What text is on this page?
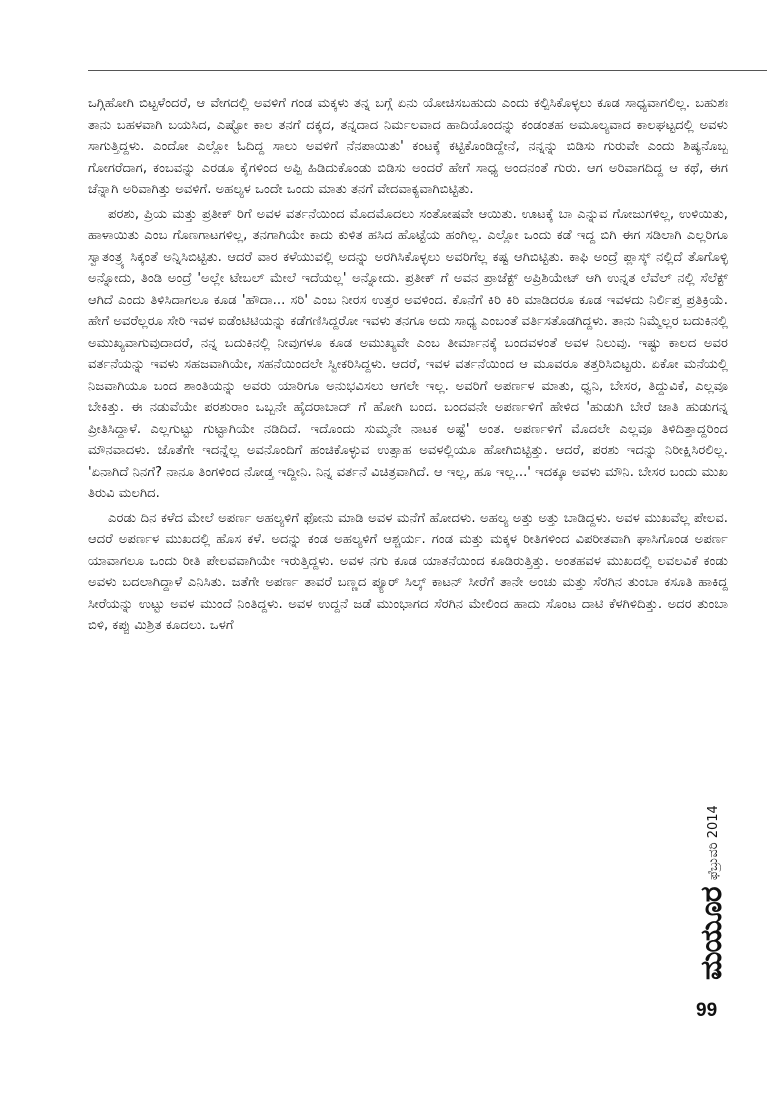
ಒಗ್ಗಿಹೋಗಿ ಬಿಟ್ಟಳೆಂದರೆ, ಆ ವೇಗದಲ್ಲಿ ಅವಳಿಗೆ ಗಂಡ ಮಕ್ಕಳು ತನ್ನ ಬಗ್ಗೆ ಏನು ಯೋಚಿಸಬಹುದು ಎಂದು ಕಲ್ಪಿಸಿಕೊಳ್ಳಲು ಕೂಡ ಸಾಧ್ಯವಾಗಲಿಲ್ಲ. ಬಹುಶಃ ತಾನು ಬಹಳವಾಗಿ ಬಯಸಿದ, ಎಷ್ಟೋ ಕಾಲ ತನಗೆ ದಕ್ಕದ, ತನ್ನದಾದ ನಿರ್ಮಲವಾದ ಹಾದಿಯೊಂದನ್ನು ಕಂಡಂತಹ ಅಮೂಲ್ಯವಾದ ಕಾಲಘಟ್ಟದಲ್ಲಿ ಅವಳು ಸಾಗುತ್ತಿದ್ದಳು. ಎಂದೋ ಎಲ್ಲೋ ಓದಿದ್ದ ಸಾಲು ಅವಳಿಗೆ ನೆನಪಾಯಿತು' ಕಂಟಕ್ಕೆ ಕಟ್ಟಿಕೊಂಡಿದ್ದೇನೆ, ನನ್ನನ್ನು ಬಿಡಿಸು ಗುರುವೇ ಎಂದು ಶಿಷ್ಯನೊಬ್ಬ ಗೋಗರೆದಾಗ, ಕಂಬವನ್ನು ಎರಡೂ ಕೈಗಳಿಂದ ಅಪ್ಪಿ ಹಿಡಿದುಕೊಂಡು ಬಿಡಿಸು ಅಂದರೆ ಹೇಗೆ ಸಾಧ್ಯ ಅಂದನಂತೆ ಗುರು. ಆಗ ಅರಿವಾಗದಿದ್ದ ಆ ಕಥೆ, ಈಗ ಚೆನ್ನಾಗಿ ಅರಿವಾಗಿತ್ತು ಅವಳಿಗೆ. ಅಹಲ್ಯಳ ಒಂದೇ ಒಂದು ಮಾತು ತನಗೆ ವೇದವಾಕ್ಯವಾಗಿಬಿಟ್ಟಿತು.

ಪರಶು, ಪ್ರಿಯ ಮತ್ತು ಪ್ರತೀಕ್ ರಿಗೆ ಅವಳ ವರ್ತನೆಯಿಂದ ಮೊದಮೊದಲು ಸಂತೋಷವೇ ಆಯಿತು. ಊಟಕ್ಕೆ ಬಾ ಎನ್ನುವ ಗೋಜುಗಳಿಲ್ಲ, ಉಳಿಯಿತು, ಹಾಳಾಯಿತು ಎಂಬ ಗೊಣಗಾಟಗಳಿಲ್ಲ, ತನಗಾಗಿಯೇ ಕಾದು ಕುಳಿತ ಹಸಿದ ಹೊಟ್ಟೆಯ ಹಂಗಿಲ್ಲ. ಎಲ್ಲೋ ಒಂದು ಕಡೆ ಇದ್ದ ಬಿಗಿ ಈಗ ಸಡಿಲಾಗಿ ಎಲ್ಲರಿಗೂ ಸ್ವಾತಂತ್ರ್ಯ ಸಿಕ್ಕಂತೆ ಅನ್ನಿಸಿಬಿಟ್ಟಿತು. ಆದರೆ ವಾರ ಕಳೆಯುವಲ್ಲಿ ಅದನ್ನು ಅರಗಿಸಿಕೊಳ್ಳಲು ಅವರಿಗೆಲ್ಲ ಕಷ್ಟ ಆಗಿಬಿಟ್ಟಿತು. ಕಾಫಿ ಅಂದ್ರೆ ಪ್ಲಾಸ್ಕ್ ನಲ್ಲಿದೆ ತೊಗೊಳ್ಳಿ ಅನ್ನೋದು, ತಿಂಡಿ ಅಂದ್ರೆ 'ಅಲ್ಲೇ ಟೇಬಲ್ ಮೇಲೆ ಇದೆಯಲ್ಲ' ಅನ್ನೋದು. ಪ್ರತೀಕ್ ಗೆ ಅವನ ಪ್ರಾಜೆಕ್ಟ್ ಅಪ್ರಿಶಿಯೇಟ್ ಆಗಿ ಉನ್ನತ ಲೆವೆಲ್ ನಲ್ಲಿ ಸೆಲೆಕ್ಟ್ ಆಗಿದೆ ಎಂದು ತಿಳಿಸಿದಾಗಲೂ ಕೂಡ 'ಹೌದಾ... ಸರಿ' ಎಂಬ ನೀರಸ ಉತ್ತರ ಅವಳಿಂದ. ಕೊನೆಗೆ ಕಿರಿ ಕಿರಿ ಮಾಡಿದರೂ ಕೂಡ ಇವಳದು ನಿರ್ಲಿಪ್ತ ಪ್ರತಿಕ್ರಿಯೆ. ಹೇಗೆ ಅವರೆಲ್ಲರೂ ಸೇರಿ ಇವಳ ಐಡೆಂಟಿಟಿಯನ್ನು ಕಡೆಗಣಿಸಿದ್ದರೋ ಇವಳು ತನಗೂ ಅದು ಸಾಧ್ಯ ಎಂಬಂತೆ ವರ್ತಿಸತೊಡಗಿದ್ದಳು. ತಾನು ನಿಮ್ಮೆಲ್ಲರ ಬದುಕಿನಲ್ಲಿ ಅಮುಖ್ಯವಾಗುವುದಾದರೆ, ನನ್ನ ಬದುಕಿನಲ್ಲಿ ನೀವುಗಳೂ ಕೂಡ ಅಮುಖ್ಯವೇ ಎಂಬ ತೀರ್ಮಾನಕ್ಕೆ ಬಂದವಳಂತೆ ಅವಳ ನಿಲುವು. ಇಷ್ಟು ಕಾಲದ ಅವರ ವರ್ತನೆಯನ್ನು ಇವಳು ಸಹಜವಾಗಿಯೇ, ಸಹನೆಯಿಂದಲೇ ಸ್ವೀಕರಿಸಿದ್ದಳು. ಆದರೆ, ಇವಳ ವರ್ತನೆಯಿಂದ ಆ ಮೂವರೂ ತತ್ತರಿಸಿಬಿಟ್ಟರು. ಏಕೋ ಮನೆಯಲ್ಲಿ ನಿಜವಾಗಿಯೂ ಬಂದ ಶಾಂತಿಯನ್ನು ಅವರು ಯಾರಿಗೂ ಅನುಭವಿಸಲು ಆಗಲೇ ಇಲ್ಲ. ಅವರಿಗೆ ಅಪರ್ಣಳ ಮಾತು, ಧ್ವನಿ, ಬೇಸರ, ತಿದ್ದುವಿಕೆ, ಎಲ್ಲವೂ ಬೇಕಿತ್ತು. ಈ ನಡುವೆಯೇ ಪರಶುರಾಂ ಒಬ್ಬನೇ ಹೈದರಾಬಾದ್ ಗೆ ಹೋಗಿ ಬಂದ. ಬಂದವನೇ ಅಪರ್ಣಳಿಗೆ ಹೇಳಿದ 'ಹುಡುಗಿ ಬೇರೆ ಜಾತಿ ಹುಡುಗನ್ನ ಪ್ರೀತಿಸಿದ್ದಾಳೆ. ಎಲ್ಲಗುಟ್ಟು ಗುಟ್ಟಾಗಿಯೇ ನಡಿದಿದೆ. ಇದೊಂದು ಸುಮ್ಮನೇ ನಾಟಕ ಅಷ್ಟೆ' ಅಂತ. ಅಪರ್ಣಳಿಗೆ ಮೊದಲೇ ಎಲ್ಲವೂ ತಿಳಿದಿತ್ತಾದ್ದರಿಂದ ಮೌನವಾದಳು. ಜೊತೆಗೇ ಇದನ್ನೆಲ್ಲ ಅವನೊಂದಿಗೆ ಹಂಚಿಕೊಳ್ಳುವ ಉತ್ಸಾಹ ಅವಳಲ್ಲಿಯೂ ಹೋಗಿಬಿಟ್ಟಿತ್ತು. ಆದರೆ, ಪರಶು ಇದನ್ನು ನಿರೀಕ್ಷಿಸಿರಲಿಲ್ಲ. 'ಏನಾಗಿದೆ ನಿನಗೆ? ನಾನೂ ತಿಂಗಳಿಂದ ನೋಡ್ತ ಇದ್ದೀನಿ. ನಿನ್ನ ವರ್ತನೆ ವಿಚಿತ್ರವಾಗಿದೆ. ಆ ಇಲ್ಲ, ಹೂ ಇಲ್ಲ...' ಇದಕ್ಕೂ ಅವಳು ಮೌನಿ. ಬೇಸರ ಬಂದು ಮುಖ ತಿರುವಿ ಮಲಗಿದ.

ಎರಡು ದಿನ ಕಳೆದ ಮೇಲೆ ಅಪರ್ಣ ಅಹಲ್ಯಳಿಗೆ ಫೋನು ಮಾಡಿ ಅವಳ ಮನೆಗೆ ಹೋದಳು. ಅಹಲ್ಯ ಅತ್ತು ಅತ್ತು ಬಾಡಿದ್ದಳು. ಅವಳ ಮುಖವೆಲ್ಲ ಪೇಲವ. ಆದರೆ ಅಪರ್ಣಳ ಮುಖದಲ್ಲಿ ಹೊಸ ಕಳೆ. ಅದನ್ನು ಕಂಡ ಅಹಲ್ಯಳಿಗೆ ಆಶ್ಚರ್ಯ. ಗಂಡ ಮತ್ತು ಮಕ್ಕಳ ರೀತಿಗಳಿಂದ ವಿಪರೀತವಾಗಿ ಘಾಸಿಗೊಂಡ ಅಪರ್ಣ ಯಾವಾಗಲೂ ಒಂದು ರೀತಿ ಪೇಲವವಾಗಿಯೇ ಇರುತ್ತಿದ್ದಳು. ಅವಳ ನಗು ಕೂಡ ಯಾತನೆಯಿಂದ ಕೂಡಿರುತ್ತಿತ್ತು. ಅಂತಹವಳ ಮುಖದಲ್ಲಿ ಲವಲವಿಕೆ ಕಂಡು ಅವಳು ಬದಲಾಗಿದ್ದಾಳೆ ಎನಿಸಿತು. ಜತೆಗೇ ಅಪರ್ಣ ತಾವರೆ ಬಣ್ಣದ ಪ್ಯೂರ್ ಸಿಲ್ಕ್ ಕಾಟನ್ ಸೀರೆಗೆ ತಾನೇ ಅಂಚು ಮತ್ತು ಸೆರಗಿನ ತುಂಬಾ ಕಸೂತಿ ಹಾಕಿದ್ದ ಸೀರೆಯನ್ನು ಉಟ್ಟು ಅವಳ ಮುಂದೆ ನಿಂತಿದ್ದಳು. ಅವಳ ಉದ್ದನೆ ಜಡೆ ಮುಂಭಾಗದ ಸೆರಗಿನ ಮೇಲಿಂದ ಹಾದು ಸೊಂಟ ದಾಟಿ ಕೆಳಗಿಳಿದಿತ್ತು. ಅದರ ತುಂಬಾ ಬಿಳಿ, ಕಪ್ಪು ಮಿಶ್ರಿತ ಕೂದಲು. ಒಳಗೆ

ಫೆಬ್ರುವರಿ 2014
ಮಯೂರ
99
